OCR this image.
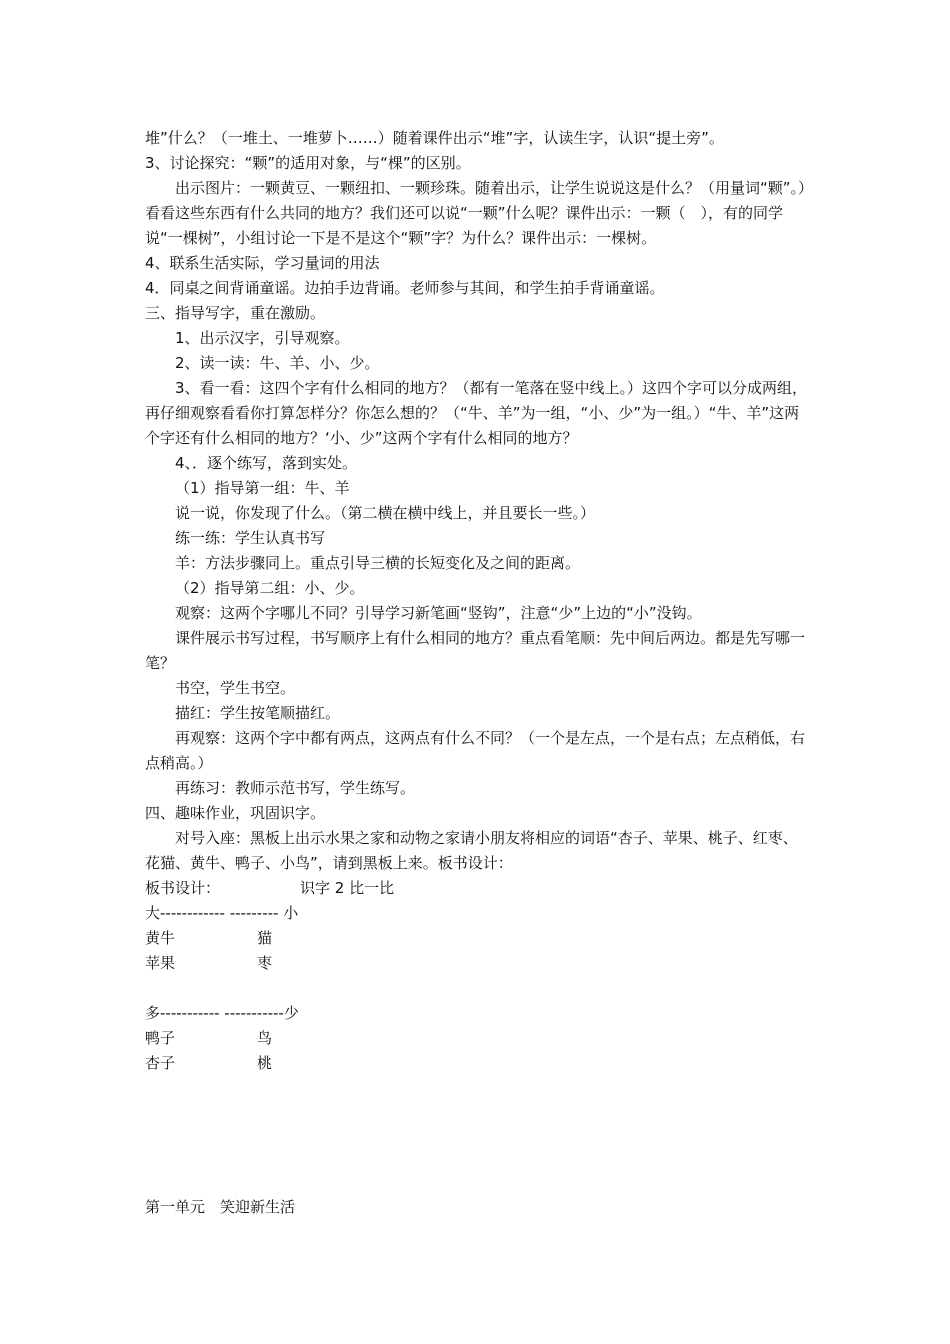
堆”什么？（一堆土、一堆萝卜……）随着课件出示“堆”字，认读生字，认识“提土旁”。

3、讨论探究：“颗”的适用对象，与“棵”的区别。

出示图片：一颗黄豆、一颗纽扣、一颗珍珠。随着出示，让学生说说这是什么？（用量词“颗”。）看看这些东西有什么共同的地方？我们还可以说“一颗”什么呢？课件出示：一颗（　），有的同学说“一棵树”，小组讨论一下是不是这个“颗”字？为什么？课件出示：一棵树。

4、联系生活实际，学习量词的用法

4．同桌之间背诵童谣。边拍手边背诵。老师参与其间，和学生拍手背诵童谣。

三、指导写字，重在激励。

1、出示汉字，引导观察。

2、读一读：牛、羊、小、少。

3、看一看：这四个字有什么相同的地方？（都有一笔落在竖中线上。）这四个字可以分成两组，再仔细观察看看你打算怎样分？你怎么想的？（“牛、羊”为一组，“小、少”为一组。）“牛、羊”这两个字还有什么相同的地方？‘小、少”这两个字有什么相同的地方？

4、．逐个练写，落到实处。

（1）指导第一组：牛、羊

说一说，你发现了什么。（第二横在横中线上，并且要长一些。）

练一练：学生认真书写

羊：方法步骤同上。重点引导三横的长短变化及之间的距离。

（2）指导第二组：小、少。

观察：这两个字哪儿不同？引导学习新笔画“竖钩”，注意“少”上边的“小”没钩。

课件展示书写过程，书写顺序上有什么相同的地方？重点看笔顺：先中间后两边。都是先写哪一笔？

书空，学生书空。

描红：学生按笔顺描红。

再观察：这两个字中都有两点，这两点有什么不同？（一个是左点，一个是右点；左点稍低，右点稍高。）

再练习：教师示范书写，学生练写。

四、趣味作业，巩固识字。

对号入座：黑板上出示水果之家和动物之家请小朋友将相应的词语“杏子、苹果、桃子、红枣、花猫、黄牛、鸭子、小鸟”，请到黑板上来。板书设计：

板书设计：	识字 2 比一比
大------------ --------- 小
黄牛	猫
苹果	枣
多----------- -----------少
鸭子	鸟
杏子	桃
第一单元　笑迎新生活
